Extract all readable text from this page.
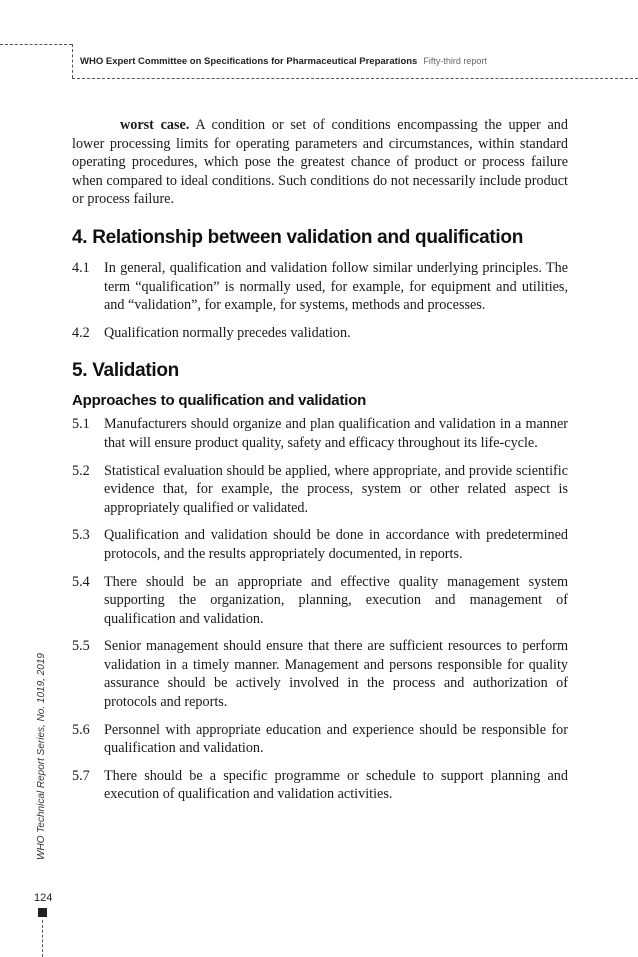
WHO Expert Committee on Specifications for Pharmaceutical Preparations Fifty-third report

worst case. A condition or set of conditions encompassing the upper and lower processing limits for operating parameters and circumstances, within standard operating procedures, which pose the greatest chance of product or process failure when compared to ideal conditions. Such conditions do not necessarily include product or process failure.

4. Relationship between validation and qualification
4.1	In general, qualification and validation follow similar underlying principles. The term “qualification” is normally used, for example, for equipment and utilities, and “validation”, for example, for systems, methods and processes.
4.2	Qualification normally precedes validation.
5. Validation
Approaches to qualification and validation
5.1	Manufacturers should organize and plan qualification and validation in a manner that will ensure product quality, safety and efficacy throughout its life-cycle.
5.2	Statistical evaluation should be applied, where appropriate, and provide scientific evidence that, for example, the process, system or other related aspect is appropriately qualified or validated.
5.3	Qualification and validation should be done in accordance with predetermined protocols, and the results appropriately documented, in reports.
5.4	There should be an appropriate and effective quality management system supporting the organization, planning, execution and management of qualification and validation.
5.5	Senior management should ensure that there are sufficient resources to perform validation in a timely manner. Management and persons responsible for quality assurance should be actively involved in the process and authorization of protocols and reports.
5.6	Personnel with appropriate education and experience should be responsible for qualification and validation.
5.7	There should be a specific programme or schedule to support planning and execution of qualification and validation activities.
WHO Technical Report Series, No. 1019, 2019
124
